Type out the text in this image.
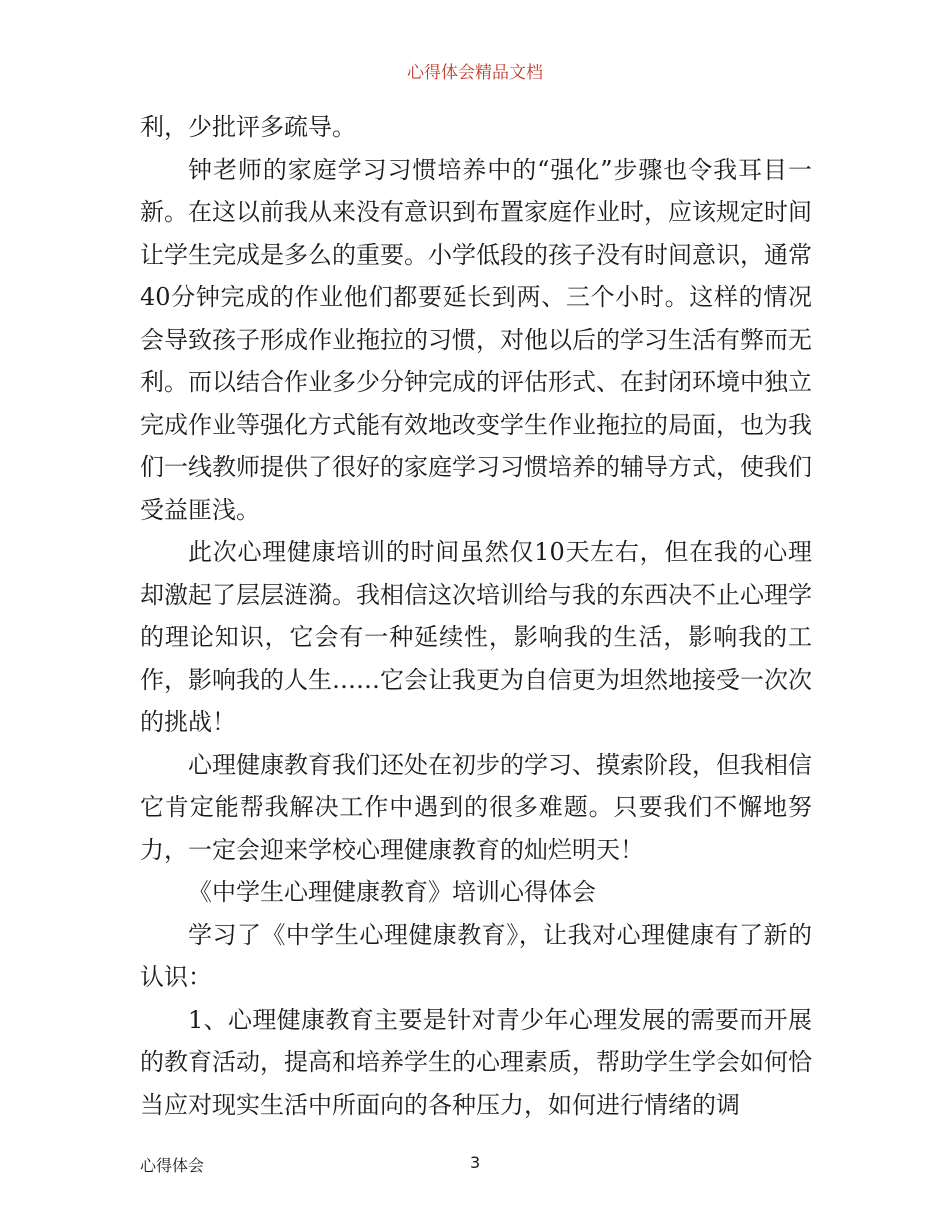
心得体会精品文档

利，少批评多疏导。

钟老师的家庭学习习惯培养中的“强化”步骤也令我耳目一新。在这以前我从来没有意识到布置家庭作业时，应该规定时间让学生完成是多么的重要。小学低段的孩子没有时间意识，通常40分钟完成的作业他们都要延长到两、三个小时。这样的情况会导致孩子形成作业拖拉的习惯，对他以后的学习生活有弊而无利。而以结合作业多少分钟完成的评估形式、在封闭环境中独立完成作业等强化方式能有效地改变学生作业拖拉的局面，也为我们一线教师提供了很好的家庭学习习惯培养的辅导方式，使我们受益匪浅。

此次心理健康培训的时间虽然仅10天左右，但在我的心理却激起了层层涟漪。我相信这次培训给与我的东西决不止心理学的理论知识，它会有一种延续性，影响我的生活，影响我的工作，影响我的人生……它会让我更为自信更为坦然地接受一次次的挑战！

心理健康教育我们还处在初步的学习、摸索阶段，但我相信它肯定能帮我解决工作中遇到的很多难题。只要我们不懈地努力，一定会迎来学校心理健康教育的灿烂明天！

《中学生心理健康教育》培训心得体会

学习了《中学生心理健康教育》，让我对心理健康有了新的认识：

1、心理健康教育主要是针对青少年心理发展的需要而开展的教育活动，提高和培养学生的心理素质，帮助学生学会如何恰当应对现实生活中所面向的各种压力，如何进行情绪的调

心得体会	3
